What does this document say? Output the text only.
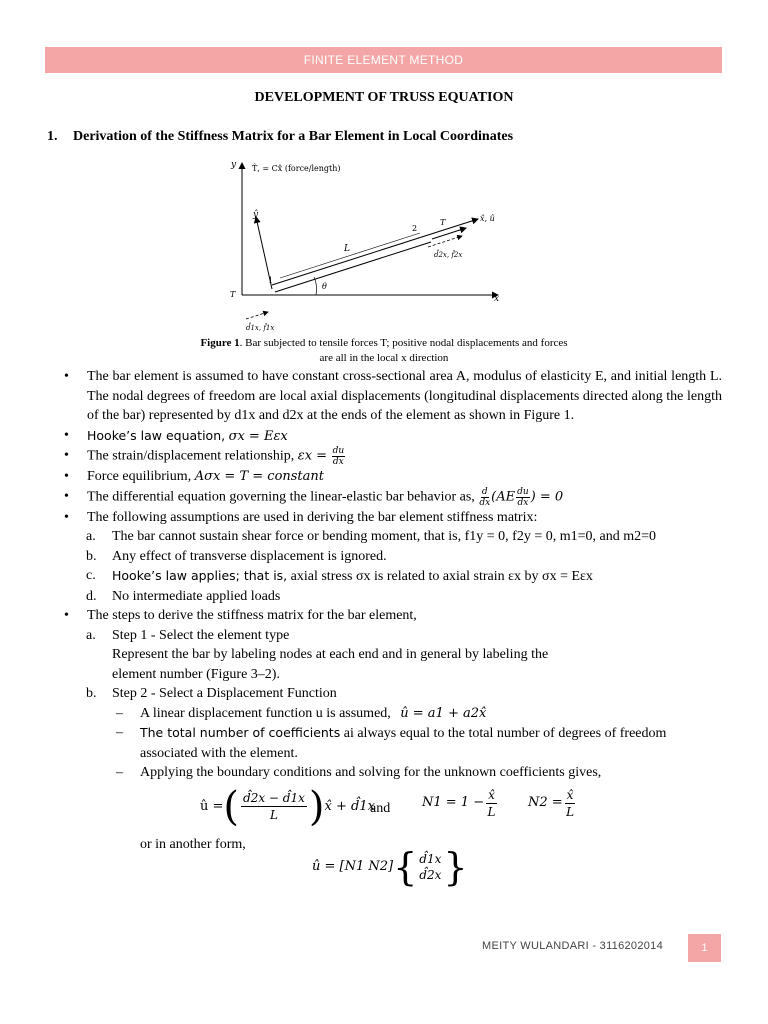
FINITE ELEMENT METHOD
DEVELOPMENT OF TRUSS EQUATION
1. Derivation of the Stiffness Matrix for a Bar Element in Local Coordinates
y
x
T̂, = Cx̂ (force/length)
ŷ	x̂, û
L
1
2
θ
T
T
d̂2x, f̂2x
d̂1x, f̂1x
Figure 1. Bar subjected to tensile forces T; positive nodal displacements and forces
are all in the local x direction
• The bar element is assumed to have constant cross-sectional area A, modulus of elasticity E, and initial length L. The nodal degrees of freedom are local axial displacements (longitudinal displacements directed along the length of the bar) represented by d1x and d2x at the ends of the element as shown in Figure 1.
• Hooke’s law equation, σx = Eεx
• The strain/displacement relationship, $\varepsilon x = \frac{du}{dx}$
• Force equilibrium, Aσx = T = constant
• The differential equation governing the linear-elastic bar behavior as, $\frac{d}{dx} (AE \frac{du}{dx}$ ) = 0
• The following assumptions are used in deriving the bar element stiffness matrix:
a. The bar cannot sustain shear force or bending moment, that is, f1y = 0, f2y = 0, m1=0, and m2=0
b. Any effect of transverse displacement is ignored.
c. Hooke’s law applies; that is, axial stress σx is related to axial strain εx by σx = Eεx
d. No intermediate applied loads
• The steps to derive the stiffness matrix for the bar element,
a. Step 1 - Select the element type
Represent the bar by labeling nodes at each end and in general by labeling the element number (Figure 3–2).
b. Step 2 - Select a Displacement Function
– A linear displacement function u is assumed, û = a1 + a2x̂
– The total number of coefficients ai always equal to the total number of degrees of freedom associated with the element.
– Applying the boundary conditions and solving for the unknown coefficients gives,
û = ( $\frac{d̂2x - d̂1x}{L}$ ) x̂ + d̂1x
and $N1 = 1 - \frac{x̂}{L} N2 = \frac{x̂}{L}$
or in another form,
û = [N1 N2] { d̂1x
d̂2x }
MEITY WULANDARI - 3116202014	1
